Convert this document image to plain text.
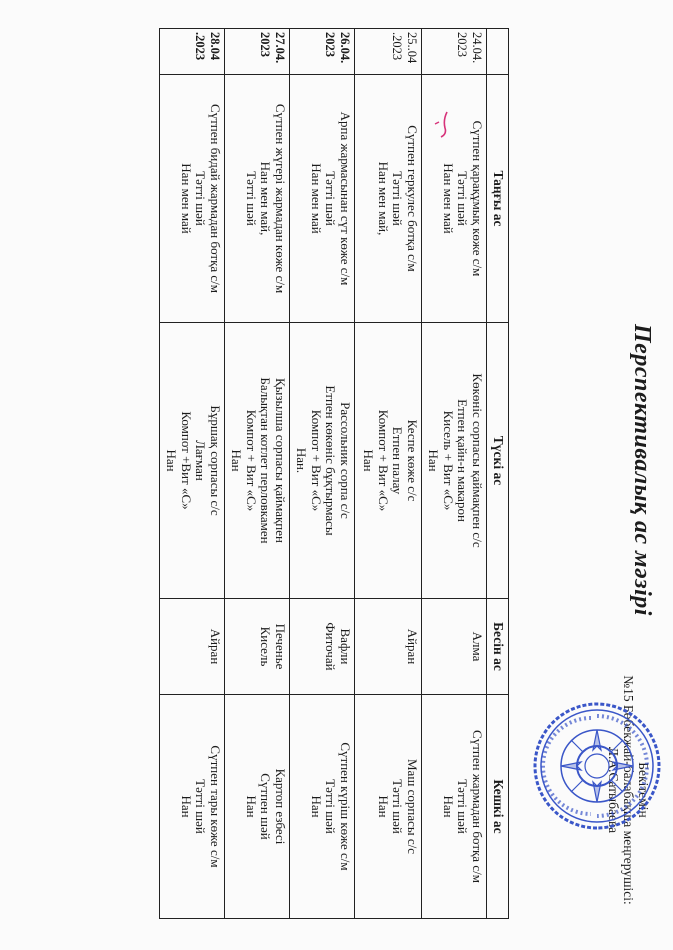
Перспективалық ас мәзірі
Бекітемін
№15 Бөбекжай-балабақша меңгерушісі:
Л.А.Сатыбаева
	Таңғы ас	Түскі ас	Бесін ас	Кешкі ас
24.04.
2023	Сүтпен қарақұмық көже с/м
Тәтті шәй
Нан мен май	Көкөніс сорпасы қаймақпен с/с
Етпен қайн-н макарон
Кисель + Вит «С»
Нан	Алма	Сүтпен жармадан ботқа с/м
Тәтті шәй
Нан
25..04
.2023	Сүтпен геркулес ботқа с/м
Тәтті шәй
Нан мен май,	Кеспе көже с/с
Етпен палау
Компот + Вит «С»
Нан	Айран	Маш сорпасы с/с
Тәтті шәй
Нан
26.04.
2023	Арпа жармасынан сүт көже с/м
Тәтті шәй
Нан мен май	Рассольник сорпа с/с
Етпен көкөніс бұқтырмасы
Компот + Вит «С»
Нан.	Вафли
Фиточай	Сүтпен күріш көже с/м
Тәтті шәй
Нан
27.04.
2023	Сүтпен жүгері жармадан көже с/м
Нан мен май,
Тәтті шәй	Қызылша сорпасы қаймақпен
Балықтан котлет перловкамен
Компот + Вит «С»
Нан	Печенье
Кисель	Картоп езбесі
Сүтпен шәй
Нан
28.04
.2023	Сүтпен бидай жармадан ботқа с/м
Тәтті шәй
Нан мен май	Бұршақ сорпасы с/с
Лағман
Компот +Вит «С»
Нан	Айран	Сүтпен тары көже с/м
Тәтті шәй
Нан
